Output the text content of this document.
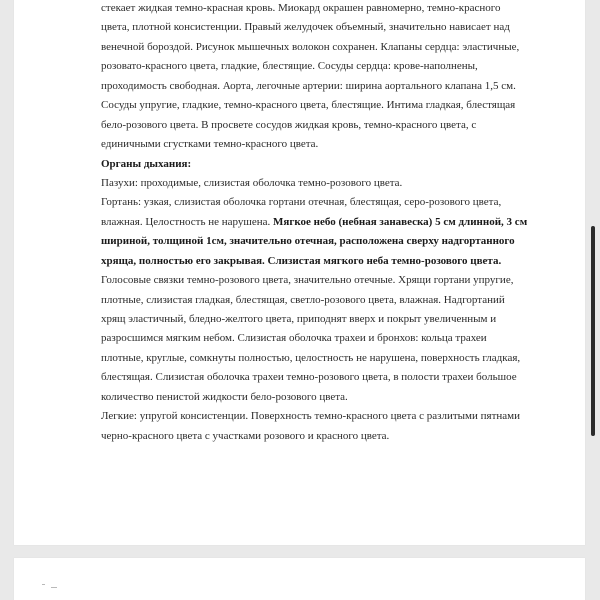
стекает жидкая темно-красная кровь. Миокард окрашен равномерно, темно-красного
цвета, плотной консистенции. Правый желудочек объемный, значительно нависает над
венечной бороздой. Рисунок мышечных волокон сохранен. Клапаны сердца: эластичные,
розовато-красного цвета, гладкие, блестящие. Сосуды сердца: крове-наполнены,
проходимость свободная. Аорта, легочные артерии: ширина аортального клапана 1,5 см.
Сосуды упругие, гладкие, темно-красного цвета, блестящие. Интима гладкая, блестящая
бело-розового цвета. В просвете сосудов жидкая кровь, темно-красного цвета, с
единичными сгустками темно-красного цвета.
Органы дыхания:
Пазухи: проходимые, слизистая оболочка темно-розового цвета.
Гортань: узкая, слизистая оболочка гортани отечная, блестящая, серо-розового цвета,
влажная. Целостность не нарушена. Мягкое небо (небная занавеска) 5 см длинной, 3 см
шириной, толщиной 1см, значительно отечная, расположена сверху надгортанного
хряща, полностью его закрывая. Слизистая мягкого неба темно-розового цвета.
Голосовые связки темно-розового цвета, значительно отечные. Хрящи гортани упругие,
плотные, слизистая гладкая, блестящая, светло-розового цвета, влажная. Надгортаний
хрящ эластичный, бледно-желтого цвета, приподнят вверх и покрыт увеличенным и
разросшимся мягким небом. Слизистая оболочка трахеи и бронхов: кольца трахеи
плотные, круглые, сомкнуты полностью, целостность не нарушена, поверхность гладкая,
блестящая. Слизистая оболочка трахеи темно-розового цвета, в полости трахеи большое
количество пенистой жидкости бело-розового цвета.
Легкие: упругой консистенции. Поверхность темно-красного цвета с разлитыми пятнами
черно-красного цвета с участками розового и красного цвета.
